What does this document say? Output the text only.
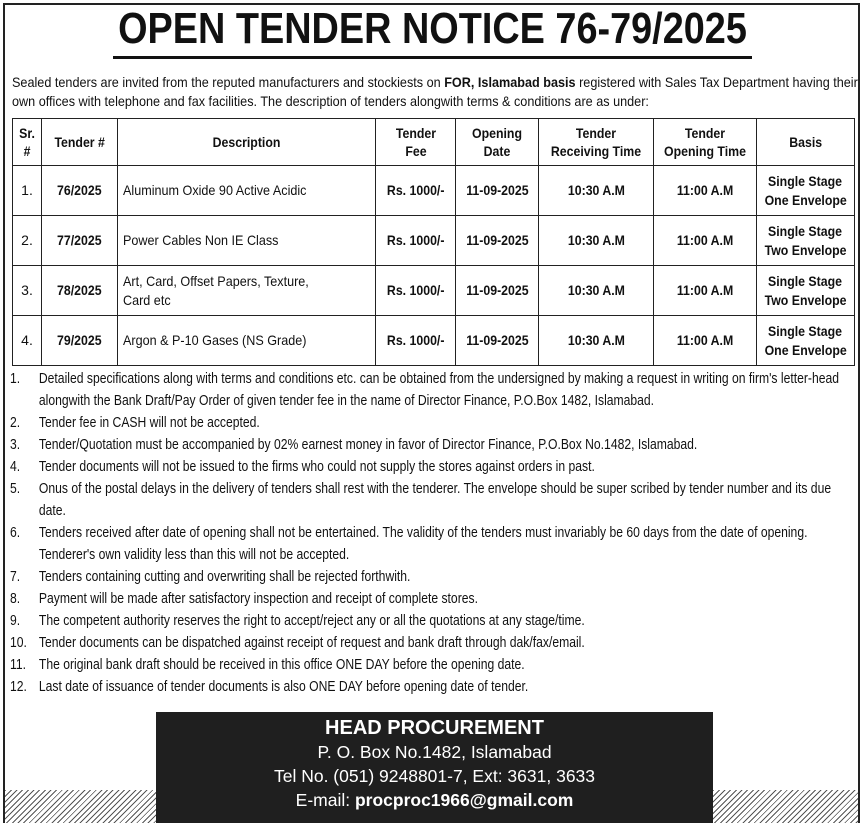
OPEN TENDER NOTICE 76-79/2025
Sealed tenders are invited from the reputed manufacturers and stockiests on FOR, Islamabad basis registered with Sales Tax Department having their own offices with telephone and fax facilities. The description of tenders alongwith terms & conditions are as under:
Sr. #	Tender #	Description	Tender Fee	Opening Date	Tender Receiving Time	Tender Opening Time	Basis
1.	76/2025	Aluminum Oxide 90 Active Acidic	Rs. 1000/-	11-09-2025	10:30 A.M	11:00 A.M	Single Stage
One Envelope
2.	77/2025	Power Cables Non IE Class	Rs. 1000/-	11-09-2025	10:30 A.M	11:00 A.M	Single Stage
Two Envelope
3.	78/2025	Art, Card, Offset Papers, Texture, Card etc	Rs. 1000/-	11-09-2025	10:30 A.M	11:00 A.M	Single Stage
Two Envelope
4.	79/2025	Argon & P-10 Gases (NS Grade)	Rs. 1000/-	11-09-2025	10:30 A.M	11:00 A.M	Single Stage
One Envelope
1.	Detailed specifications along with terms and conditions etc. can be obtained from the undersigned by making a request in writing on firm's letter-head alongwith the Bank Draft/Pay Order of given tender fee in the name of Director Finance, P.O.Box 1482, Islamabad.
2.	Tender fee in CASH will not be accepted.
3.	Tender/Quotation must be accompanied by 02% earnest money in favor of Director Finance, P.O.Box No.1482, Islamabad.
4.	Tender documents will not be issued to the firms who could not supply the stores against orders in past.
5.	Onus of the postal delays in the delivery of tenders shall rest with the tenderer. The envelope should be super scribed by tender number and its due date.
6.	Tenders received after date of opening shall not be entertained. The validity of the tenders must invariably be 60 days from the date of opening. Tenderer's own validity less than this will not be accepted.
7.	Tenders containing cutting and overwriting shall be rejected forthwith.
8.	Payment will be made after satisfactory inspection and receipt of complete stores.
9.	The competent authority reserves the right to accept/reject any or all the quotations at any stage/time.
10. Tender documents can be dispatched against receipt of request and bank draft through dak/fax/email.
11. The original bank draft should be received in this office ONE DAY before the opening date.
12. Last date of issuance of tender documents is also ONE DAY before opening date of tender.
HEAD PROCUREMENT
P. O. Box No.1482, Islamabad
Tel No. (051) 9248801-7, Ext: 3631, 3633
E-mail: procproc1966@gmail.com
